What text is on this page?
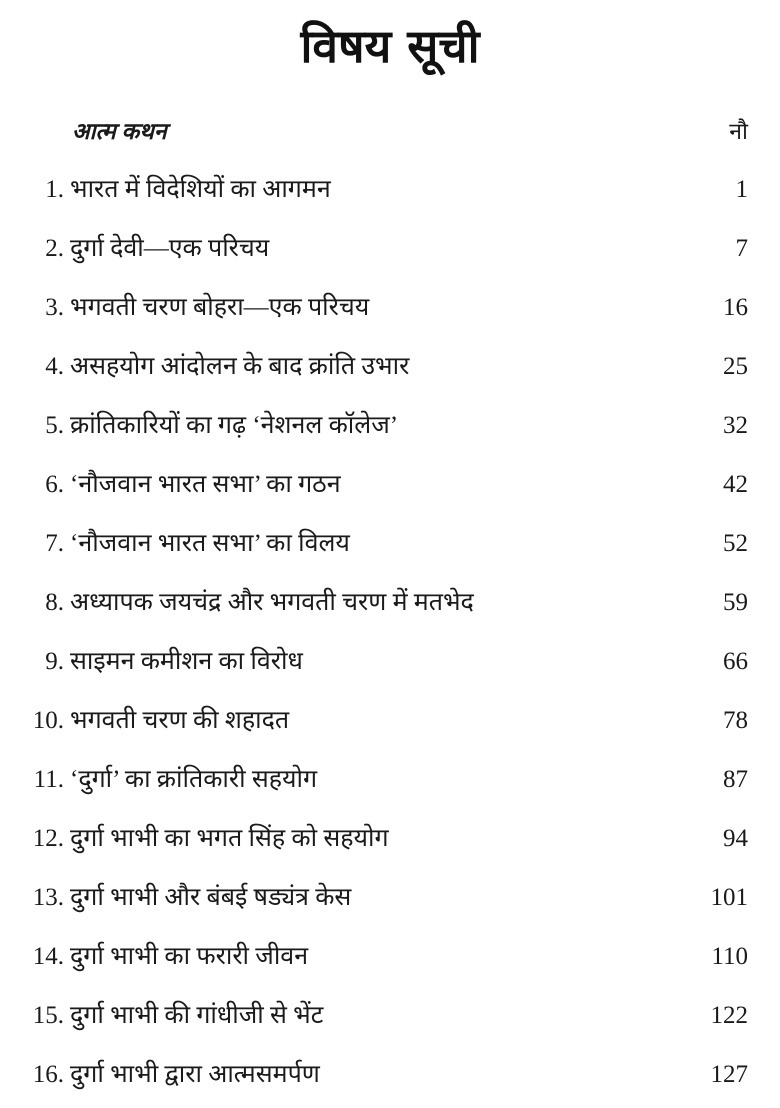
विषय सूची
आत्म कथन	नौ
1. भारत में विदेशियों का आगमन	1
2. दुर्गा देवी—एक परिचय	7
3. भगवती चरण बोहरा—एक परिचय	16
4. असहयोग आंदोलन के बाद क्रांति उभार	25
5. क्रांतिकारियों का गढ़ ‘नेशनल कॉलेज’	32
6. ‘नौजवान भारत सभा’ का गठन	42
7. ‘नौजवान भारत सभा’ का विलय	52
8. अध्यापक जयचंद्र और भगवती चरण में मतभेद	59
9. साइमन कमीशन का विरोध	66
10. भगवती चरण की शहादत	78
11. ‘दुर्गा’ का क्रांतिकारी सहयोग	87
12. दुर्गा भाभी का भगत सिंह को सहयोग	94
13. दुर्गा भाभी और बंबई षड्यंत्र केस	101
14. दुर्गा भाभी का फरारी जीवन	110
15. दुर्गा भाभी की गांधीजी से भेंट	122
16. दुर्गा भाभी द्वारा आत्मसमर्पण	127
